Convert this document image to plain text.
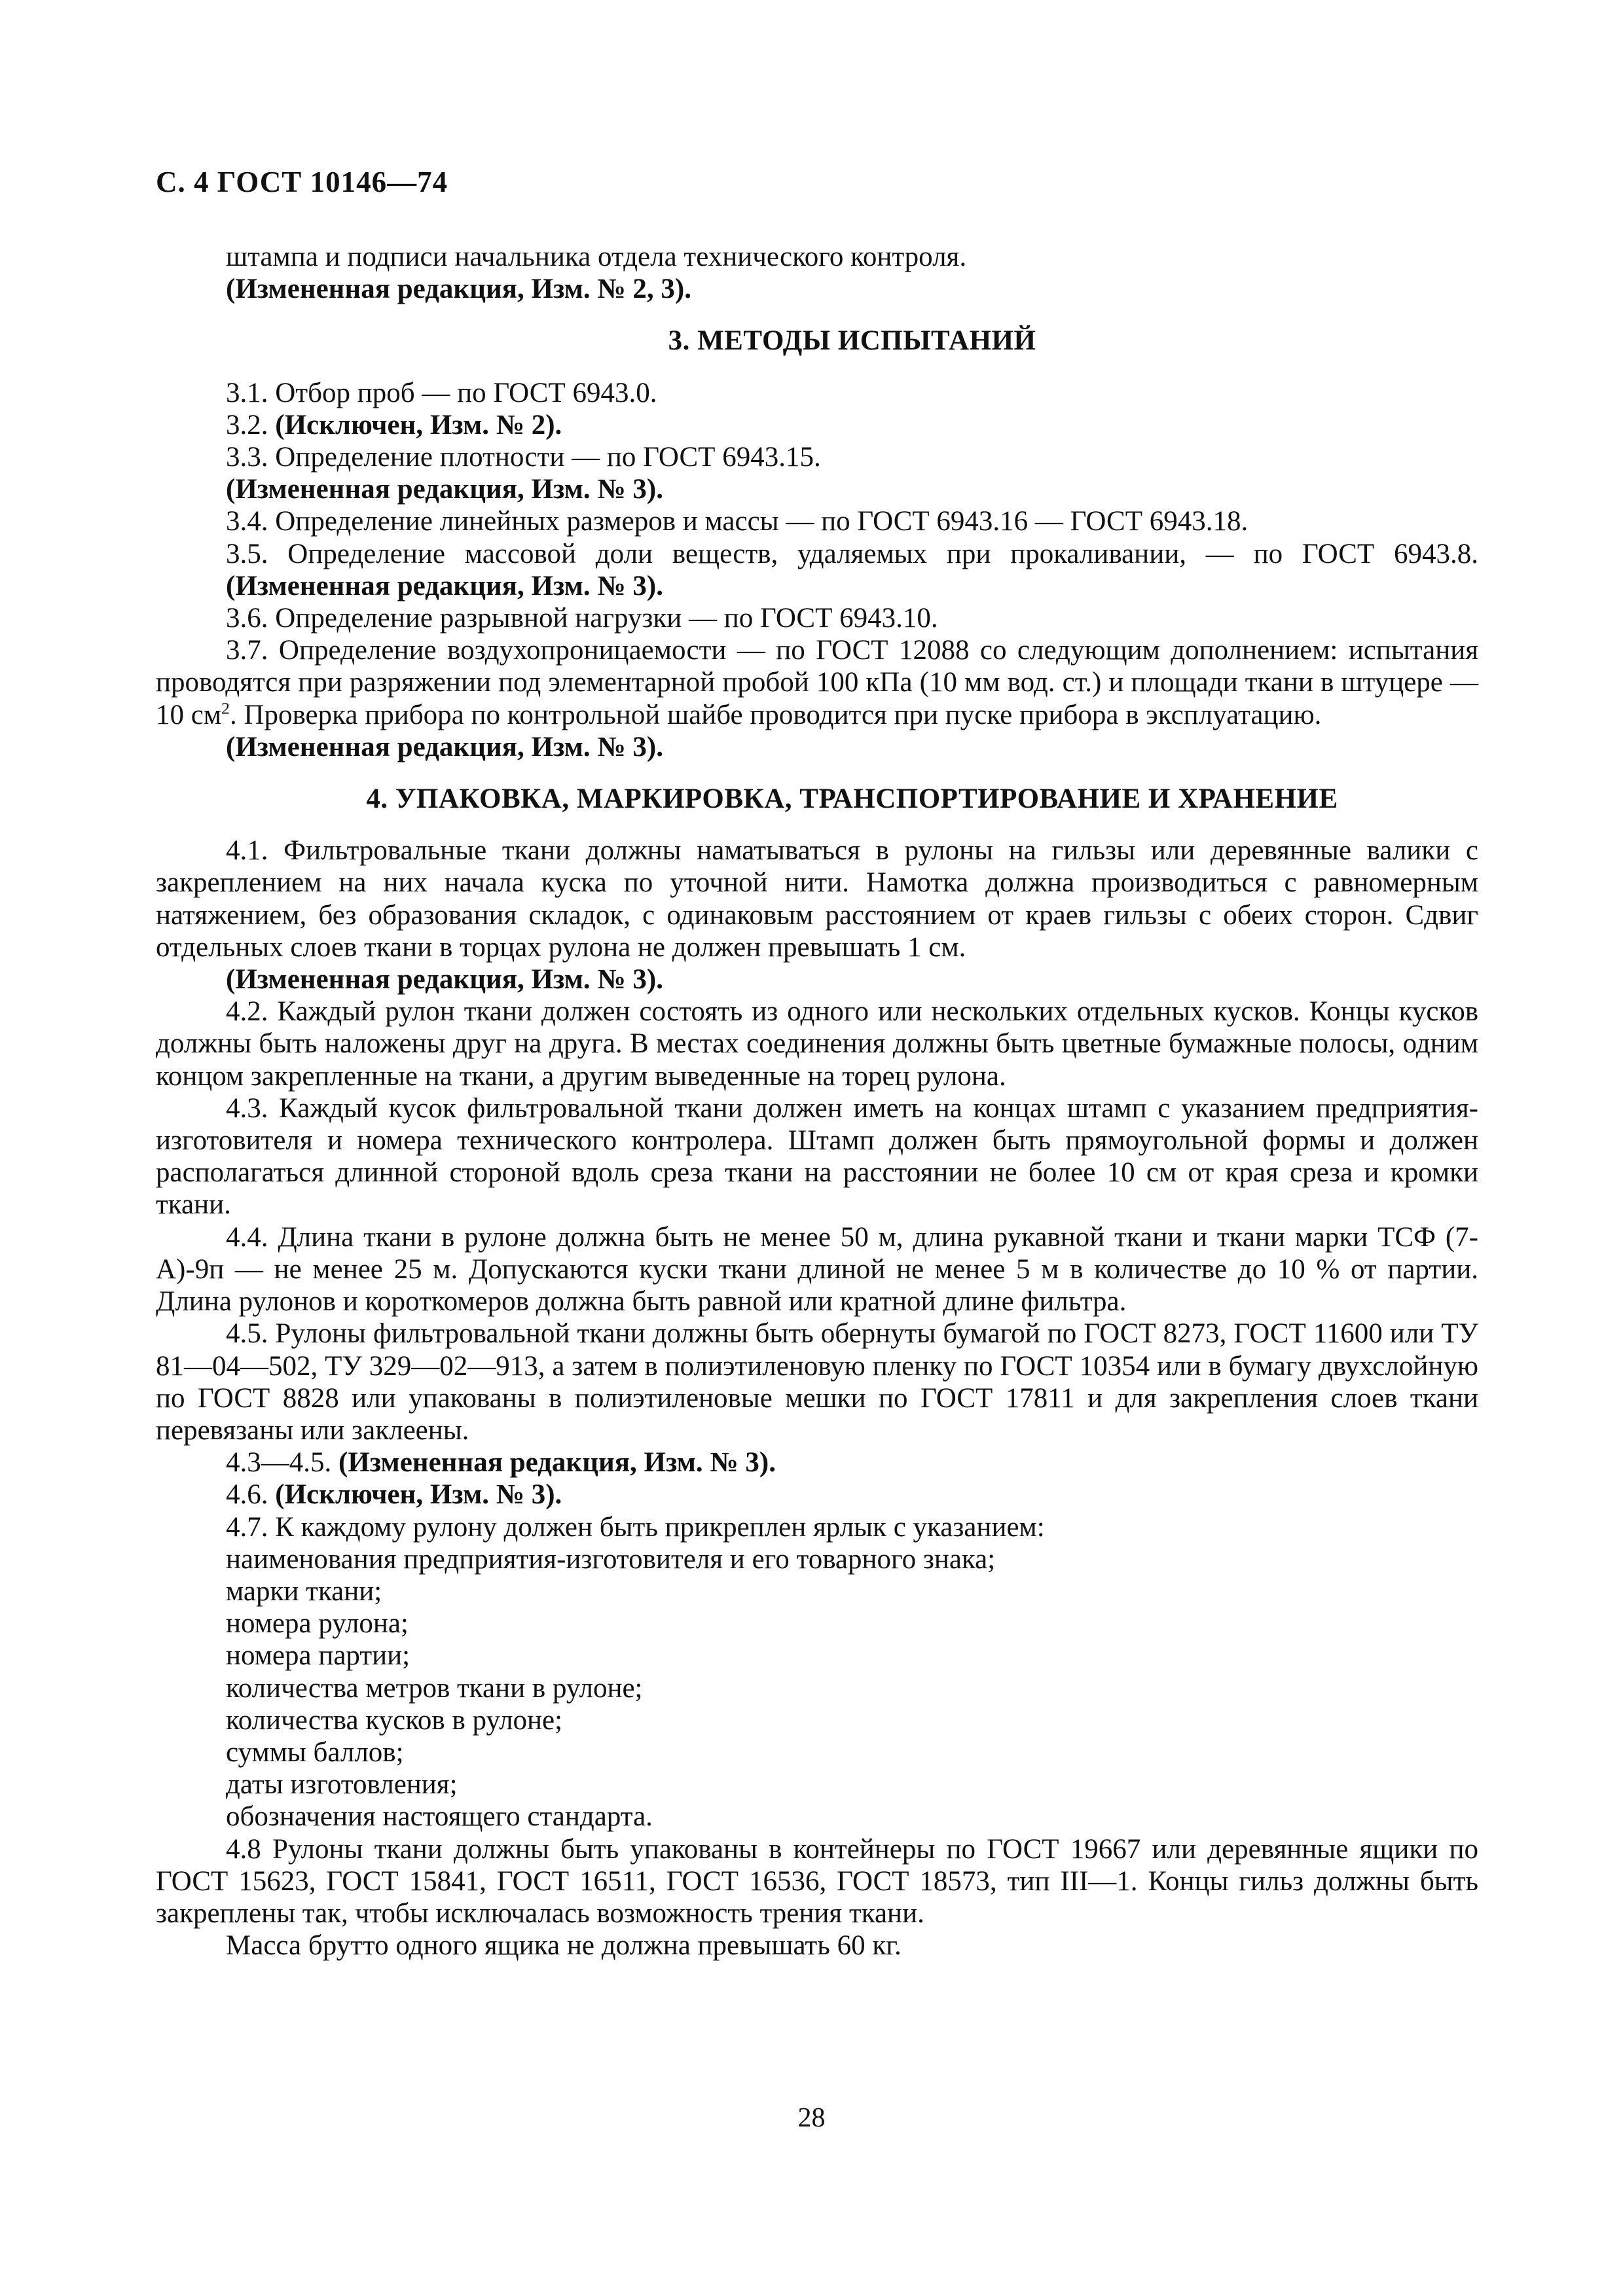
С. 4 ГОСТ 10146—74

штампа и подписи начальника отдела технического контроля.

(Измененная редакция, Изм. № 2, 3).

3. МЕТОДЫ ИСПЫТАНИЙ

3.1. Отбор проб — по ГОСТ 6943.0.

3.2. (Исключен, Изм. № 2).

3.3. Определение плотности — по ГОСТ 6943.15.

(Измененная редакция, Изм. № 3).

3.4. Определение линейных размеров и массы — по ГОСТ 6943.16 — ГОСТ 6943.18.

3.5. Определение массовой доли веществ, удаляемых при прокаливании, — по ГОСТ 6943.8.

(Измененная редакция, Изм. № 3).

3.6. Определение разрывной нагрузки — по ГОСТ 6943.10.

3.7. Определение воздухопроницаемости — по ГОСТ 12088 со следующим дополнением: испытания проводятся при разряжении под элементарной пробой 100 кПа (10 мм вод. ст.) и площади ткани в штуцере — 10 $см^2$. Проверка прибора по контрольной шайбе проводится при пуске прибора в эксплуатацию.

(Измененная редакция, Изм. № 3).

4. УПАКОВКА, МАРКИРОВКА, ТРАНСПОРТИРОВАНИЕ И ХРАНЕНИЕ

4.1. Фильтровальные ткани должны наматываться в рулоны на гильзы или деревянные валики с закреплением на них начала куска по уточной нити. Намотка должна производиться с равномерным натяжением, без образования складок, с одинаковым расстоянием от краев гильзы с обеих сторон. Сдвиг отдельных слоев ткани в торцах рулона не должен превышать 1 см.

(Измененная редакция, Изм. № 3).

4.2. Каждый рулон ткани должен состоять из одного или нескольких отдельных кусков. Концы кусков должны быть наложены друг на друга. В местах соединения должны быть цветные бумажные полосы, одним концом закрепленные на ткани, а другим выведенные на торец рулона.

4.3. Каждый кусок фильтровальной ткани должен иметь на концах штамп с указанием предприятия-изготовителя и номера технического контролера. Штамп должен быть прямоугольной формы и должен располагаться длинной стороной вдоль среза ткани на расстоянии не более 10 см от края среза и кромки ткани.

4.4. Длина ткани в рулоне должна быть не менее 50 м, длина рукавной ткани и ткани марки ТСФ (7-А)-9п — не менее 25 м. Допускаются куски ткани длиной не менее 5 м в количестве до 10 % от партии. Длина рулонов и короткомеров должна быть равной или кратной длине фильтра.

4.5. Рулоны фильтровальной ткани должны быть обернуты бумагой по ГОСТ 8273, ГОСТ 11600 или ТУ 81—04—502, ТУ 329—02—913, а затем в полиэтиленовую пленку по ГОСТ 10354 или в бумагу двухслойную по ГОСТ 8828 или упакованы в полиэтиленовые мешки по ГОСТ 17811 и для закрепления слоев ткани перевязаны или заклеены.

4.3—4.5. (Измененная редакция, Изм. № 3).

4.6. (Исключен, Изм. № 3).

4.7. К каждому рулону должен быть прикреплен ярлык с указанием:

наименования предприятия-изготовителя и его товарного знака;

марки ткани;

номера рулона;

номера партии;

количества метров ткани в рулоне;

количества кусков в рулоне;

суммы баллов;

даты изготовления;

обозначения настоящего стандарта.

4.8 Рулоны ткани должны быть упакованы в контейнеры по ГОСТ 19667 или деревянные ящики по ГОСТ 15623, ГОСТ 15841, ГОСТ 16511, ГОСТ 16536, ГОСТ 18573, тип III—1. Концы гильз должны быть закреплены так, чтобы исключалась возможность трения ткани.

Масса брутто одного ящика не должна превышать 60 кг.

28
